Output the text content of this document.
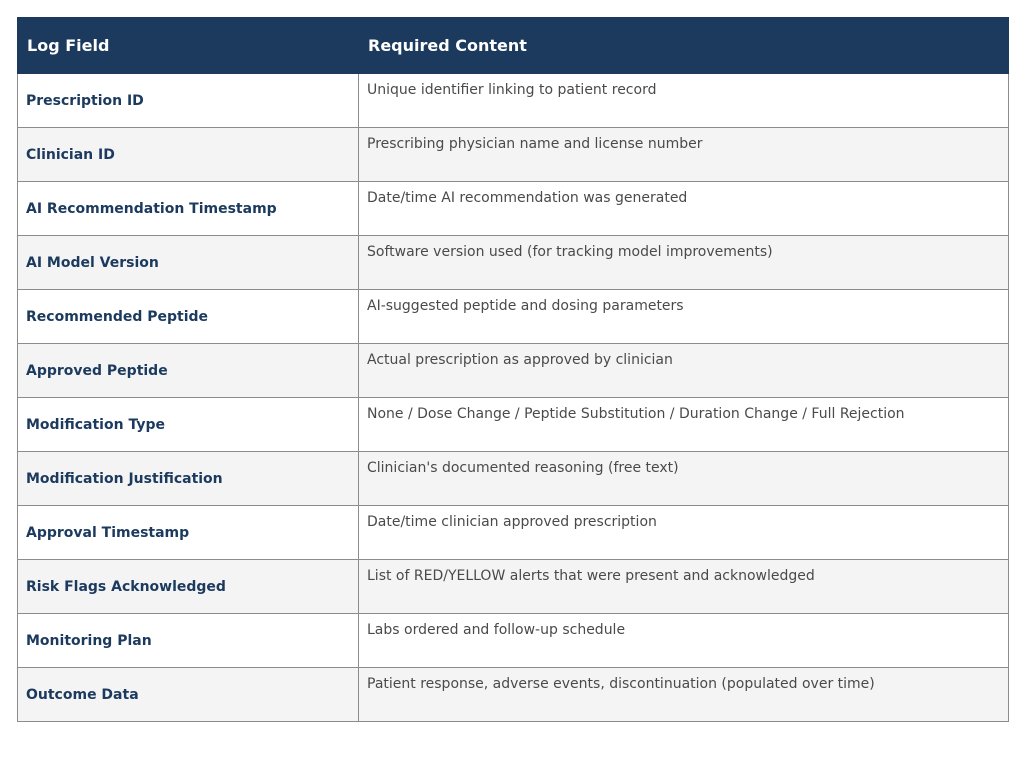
Log Field	Required Content
Prescription ID	Unique identifier linking to patient record
Clinician ID	Prescribing physician name and license number
AI Recommendation Timestamp	Date/time AI recommendation was generated
AI Model Version	Software version used (for tracking model improvements)
Recommended Peptide	AI-suggested peptide and dosing parameters
Approved Peptide	Actual prescription as approved by clinician
Modification Type	None / Dose Change / Peptide Substitution / Duration Change / Full Rejection
Modification Justification	Clinician's documented reasoning (free text)
Approval Timestamp	Date/time clinician approved prescription
Risk Flags Acknowledged	List of RED/YELLOW alerts that were present and acknowledged
Monitoring Plan	Labs ordered and follow-up schedule
Outcome Data	Patient response, adverse events, discontinuation (populated over time)
